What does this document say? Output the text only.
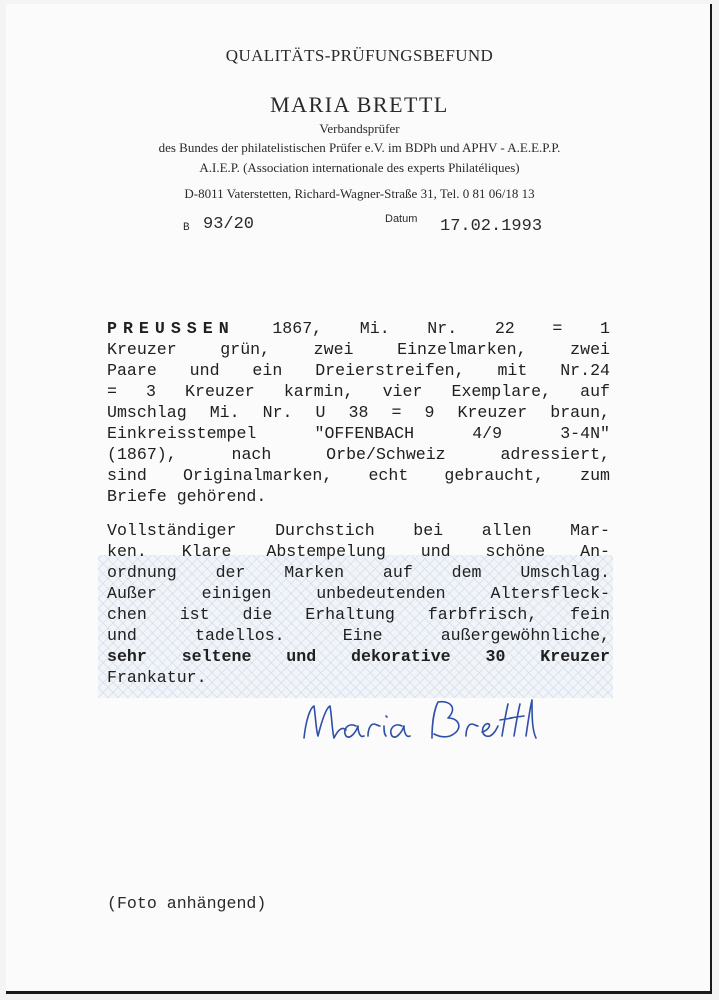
QUALITÄTS-PRÜFUNGSBEFUND
MARIA BRETTL
Verbandsprüfer
des Bundes der philatelistischen Prüfer e.V. im BDPh und APHV - A.E.E.P.P.
A.I.E.P. (Association internationale des experts Philatéliques)
D-8011 Vaterstetten, Richard-Wagner-Straße 31, Tel. 0 81 06/18 13
B 93/20	Datum 17.02.1993
PREUSSEN 1867, Mi. Nr. 22 = 1
Kreuzer grün, zwei Einzelmarken, zwei
Paare und ein Dreierstreifen, mit Nr.24
= 3 Kreuzer karmin, vier Exemplare, auf
Umschlag Mi. Nr. U 38 = 9 Kreuzer braun,
Einkreisstempel "OFFENBACH 4/9 3-4N"
(1867), nach Orbe/Schweiz adressiert,
sind Originalmarken, echt gebraucht, zum
Briefe gehörend.
Vollständiger Durchstich bei allen Mar-
ken. Klare Abstempelung und schöne An-
ordnung der Marken auf dem Umschlag.
Außer einigen unbedeutenden Altersfleck-
chen ist die Erhaltung farbfrisch, fein
und tadellos. Eine außergewöhnliche,
sehr seltene und dekorative 30 Kreuzer
Frankatur.
(Foto anhängend)
